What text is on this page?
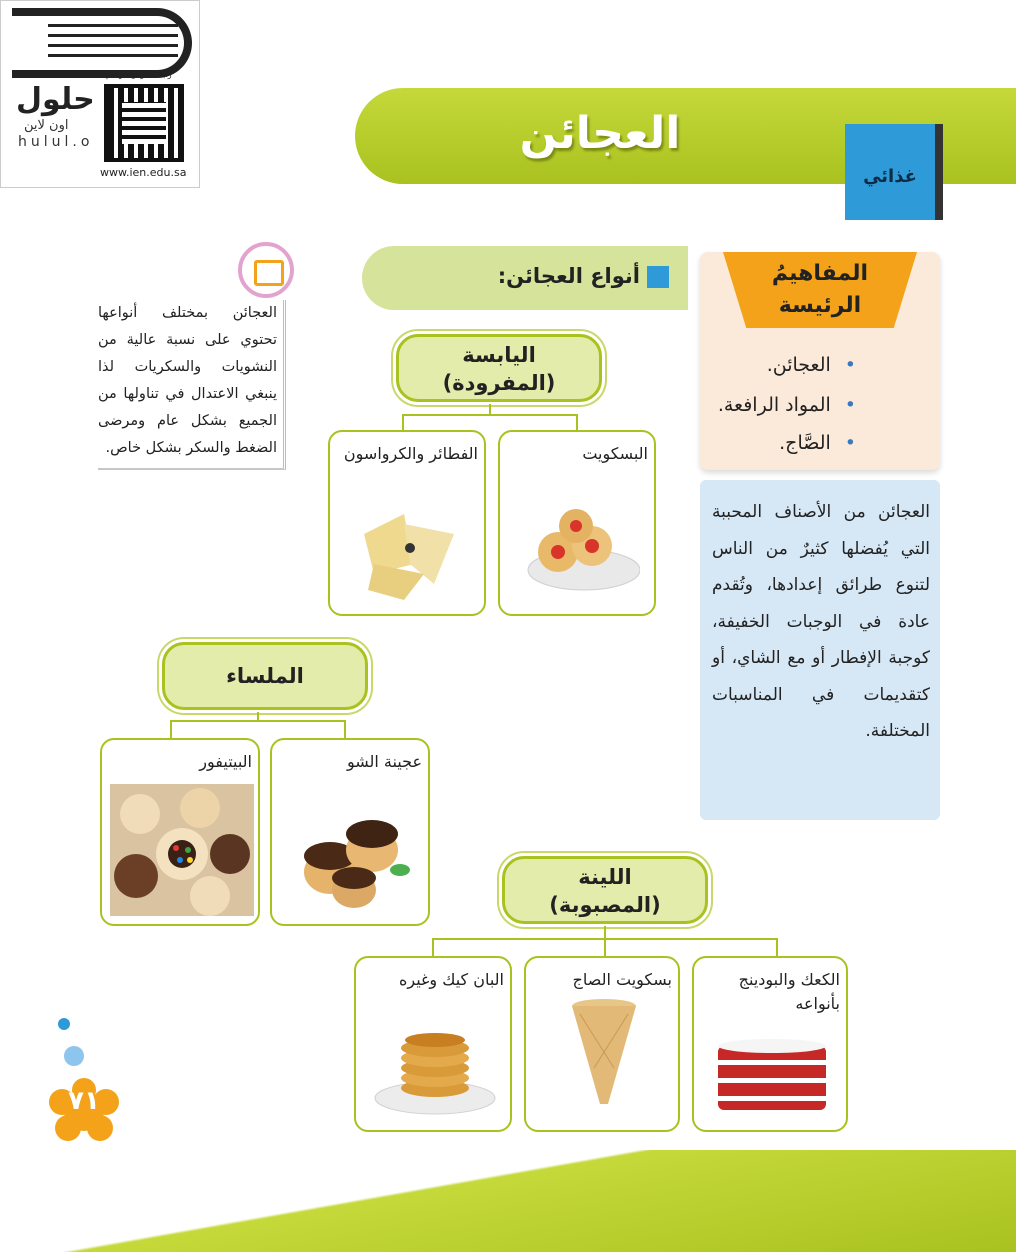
حلول
اون لاين
hulul.o
رابط الدرس الرقمي
www.ien.edu.sa
العجائن
غذائي
المفاهيمُ
الرئيسة
• العجائن.
• المواد الرافعة.
• الصَّاج.
العجائن من الأصناف المحببة التي يُفضلها كثيرٌ من الناس لتنوع طرائق إعدادها، وتُقدم عادة في الوجبات الخفيفة، كوجبة الإفطار أو مع الشاي، أو كتقديمات في المناسبات المختلفة.
أنواع العجائن:
العجائن بمختلف أنواعها تحتوي على نسبة عالية من النشويات والسكريات لذا ينبغي الاعتدال في تناولها من الجميع بشكل عام ومرضى الضغط والسكر بشكل خاص.
اليابسة
(المفرودة)
البسكويت
الفطائر والكرواسون
الملساء
عجينة الشو
البيتيفور
اللينة
(المصبوبة)
الكعك والبودينج بأنواعه
بسكويت الصاج
البان كيك وغيره
٧١
